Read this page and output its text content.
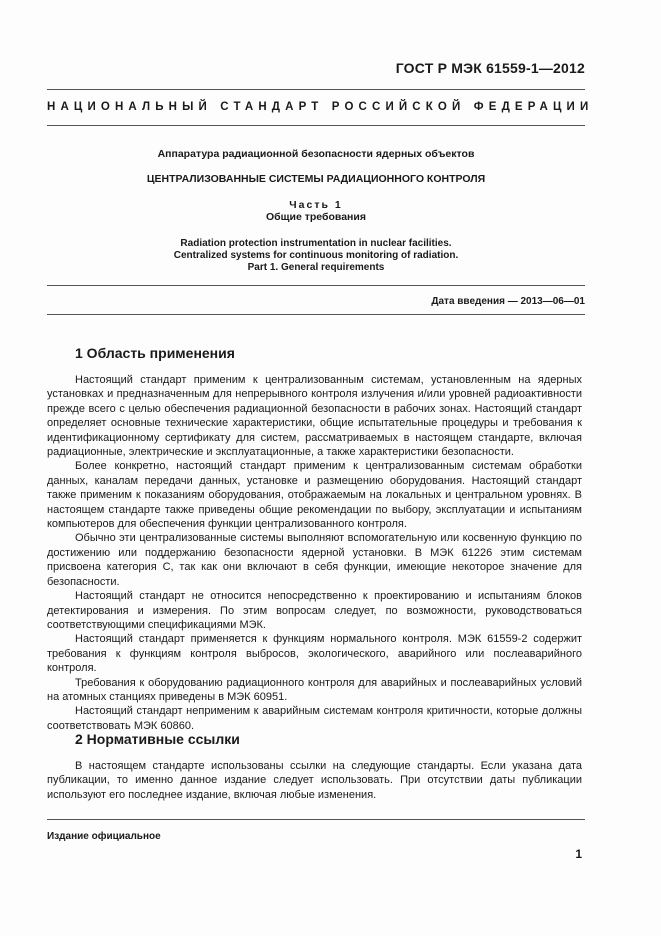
ГОСТ Р МЭК 61559-1—2012
НАЦИОНАЛЬНЫЙ СТАНДАРТ РОССИЙСКОЙ ФЕДЕРАЦИИ
Аппаратура радиационной безопасности ядерных объектов
ЦЕНТРАЛИЗОВАННЫЕ СИСТЕМЫ РАДИАЦИОННОГО КОНТРОЛЯ
Часть 1
Общие требования
Radiation protection instrumentation in nuclear facilities.
Centralized systems for continuous monitoring of radiation.
Part 1. General requirements
Дата введения — 2013—06—01
1 Область применения

Настоящий стандарт применим к централизованным системам, установленным на ядерных установках и предназначенным для непрерывного контроля излучения и/или уровней радиоактивности прежде всего с целью обеспечения радиационной безопасности в рабочих зонах. Настоящий стандарт определяет основные технические характеристики, общие испытательные процедуры и требования к идентификационному сертификату для систем, рассматриваемых в настоящем стандарте, включая радиационные, электрические и эксплуатационные, а также характеристики безопасности.

Более конкретно, настоящий стандарт применим к централизованным системам обработки данных, каналам передачи данных, установке и размещению оборудования. Настоящий стандарт также применим к показаниям оборудования, отображаемым на локальных и центральном уровнях. В настоящем стандарте также приведены общие рекомендации по выбору, эксплуатации и испытаниям компьютеров для обеспечения функции централизованного контроля.

Обычно эти централизованные системы выполняют вспомогательную или косвенную функцию по достижению или поддержанию безопасности ядерной установки. В МЭК 61226 этим системам присвоена категория С, так как они включают в себя функции, имеющие некоторое значение для безопасности.

Настоящий стандарт не относится непосредственно к проектированию и испытаниям блоков детектирования и измерения. По этим вопросам следует, по возможности, руководствоваться соответствующими спецификациями МЭК.

Настоящий стандарт применяется к функциям нормального контроля. МЭК 61559-2 содержит требования к функциям контроля выбросов, экологического, аварийного или послеаварийного контроля.

Требования к оборудованию радиационного контроля для аварийных и послеаварийных условий на атомных станциях приведены в МЭК 60951.

Настоящий стандарт неприменим к аварийным системам контроля критичности, которые должны соответствовать МЭК 60860.

2 Нормативные ссылки

В настоящем стандарте использованы ссылки на следующие стандарты. Если указана дата публикации, то именно данное издание следует использовать. При отсутствии даты публикации используют его последнее издание, включая любые изменения.

Издание официальное
1
